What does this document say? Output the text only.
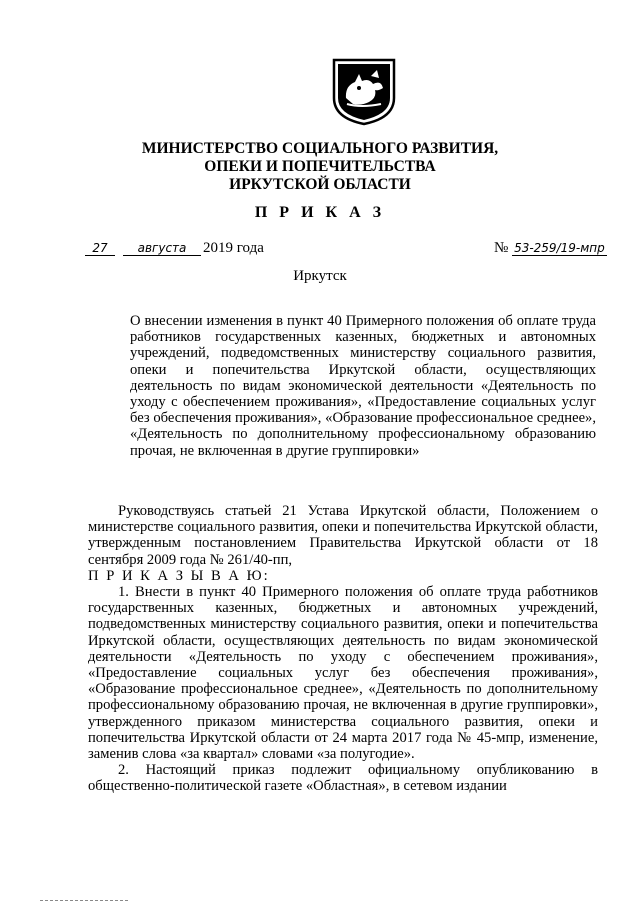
МИНИСТЕРСТВО СОЦИАЛЬНОГО РАЗВИТИЯ,
ОПЕКИ И ПОПЕЧИТЕЛЬСТВА
ИРКУТСКОЙ ОБЛАСТИ
П Р И К А З
27 августа 2019 года	№ 53-259/19-мпр
Иркутск
О внесении изменения в пункт 40 Примерного положения об оплате труда работников государственных казенных, бюджетных и автономных учреждений, подведомственных министерству социального развития, опеки и попечительства Иркутской области, осуществляющих деятельность по видам экономической деятельности «Деятельность по уходу с обеспечением проживания», «Предоставление социальных услуг без обеспечения проживания», «Образование профессиональное среднее», «Деятельность по дополнительному профессиональному образованию прочая, не включенная в другие группировки»

Руководствуясь статьей 21 Устава Иркутской области, Положением о министерстве социального развития, опеки и попечительства Иркутской области, утвержденным постановлением Правительства Иркутской области от 18 сентября 2009 года № 261/40-пп,

П Р И К А З Ы В А Ю:

1. Внести в пункт 40 Примерного положения об оплате труда работников государственных казенных, бюджетных и автономных учреждений, подведомственных министерству социального развития, опеки и попечительства Иркутской области, осуществляющих деятельность по видам экономической деятельности «Деятельность по уходу с обеспечением проживания», «Предоставление социальных услуг без обеспечения проживания», «Образование профессиональное среднее», «Деятельность по дополнительному профессиональному образованию прочая, не включенная в другие группировки», утвержденного приказом министерства социального развития, опеки и попечительства Иркутской области от 24 марта 2017 года № 45-мпр, изменение, заменив слова «за квартал» словами «за полугодие».

2. Настоящий приказ подлежит официальному опубликованию в общественно-политической газете «Областная», в сетевом издании
